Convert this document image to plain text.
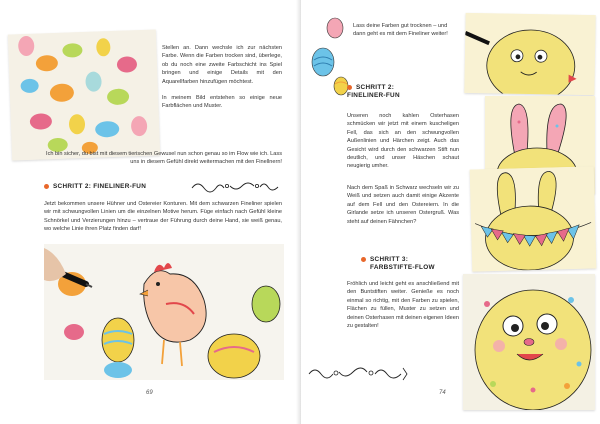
Stellen an. Dann wechsle ich zur nächsten Farbe. Wenn die Farben trocken sind, überlege, ob du noch eine zweite Farbschicht ins Spiel bringen und einige Details mit den Aquarellfarben hinzufügen möchtest.

In meinem Bild entstehen so einige neue Farbflächen und Muster.

Ich bin sicher, du bist mit diesem tierischen Gewusel nun schon genau so im Flow wie ich. Lass uns in diesem Gefühl direkt weitermachen mit den Finellnern!
SCHRITT 2: FINELINER-FUN
Jetzt bekommen unsere Hühner und Ostereier Konturen. Mit dem schwarzen Fineliner spielen wir mit schwungvollen Linien um die einzelnen Motive herum. Füge einfach nach Gefühl kleine Schnörkel und Verzierungen hinzu – vertraue der Führung durch deine Hand, sie weiß genau, wo welche Linie ihren Platz finden darf!
69
Lass deine Farben gut trocknen – und dann geht es mit dem Fineliner weiter!
SCHRITT 2:
FINELINER-FUN
Unseren noch kahlen Osterhasen schmücken wir jetzt mit einem kuscheligen Fell, das sich an den schwungvollen Außenlinien und Härchen zeigt. Auch das Gesicht wird durch den schwarzen Stift nun deutlich, und unser Häschen schaut neugierig umher.
Nach dem Spaß in Schwarz wechseln wir zu Weiß und setzen auch damit einige Akzente auf dem Fell und den Ostereiern. In die Girlande setze ich unseren Ostergruß. Was steht auf deinen Fähnchen?
SCHRITT 3:
FARBSTIFTE-FLOW
Fröhlich und leicht geht es anschließend mit den Buntstiften weiter. Genieße es noch einmal so richtig, mit den Farben zu spielen, Flächen zu füllen, Muster zu setzen und deinen Osterhasen mit deinen eigenen Ideen zu gestalten!
74
